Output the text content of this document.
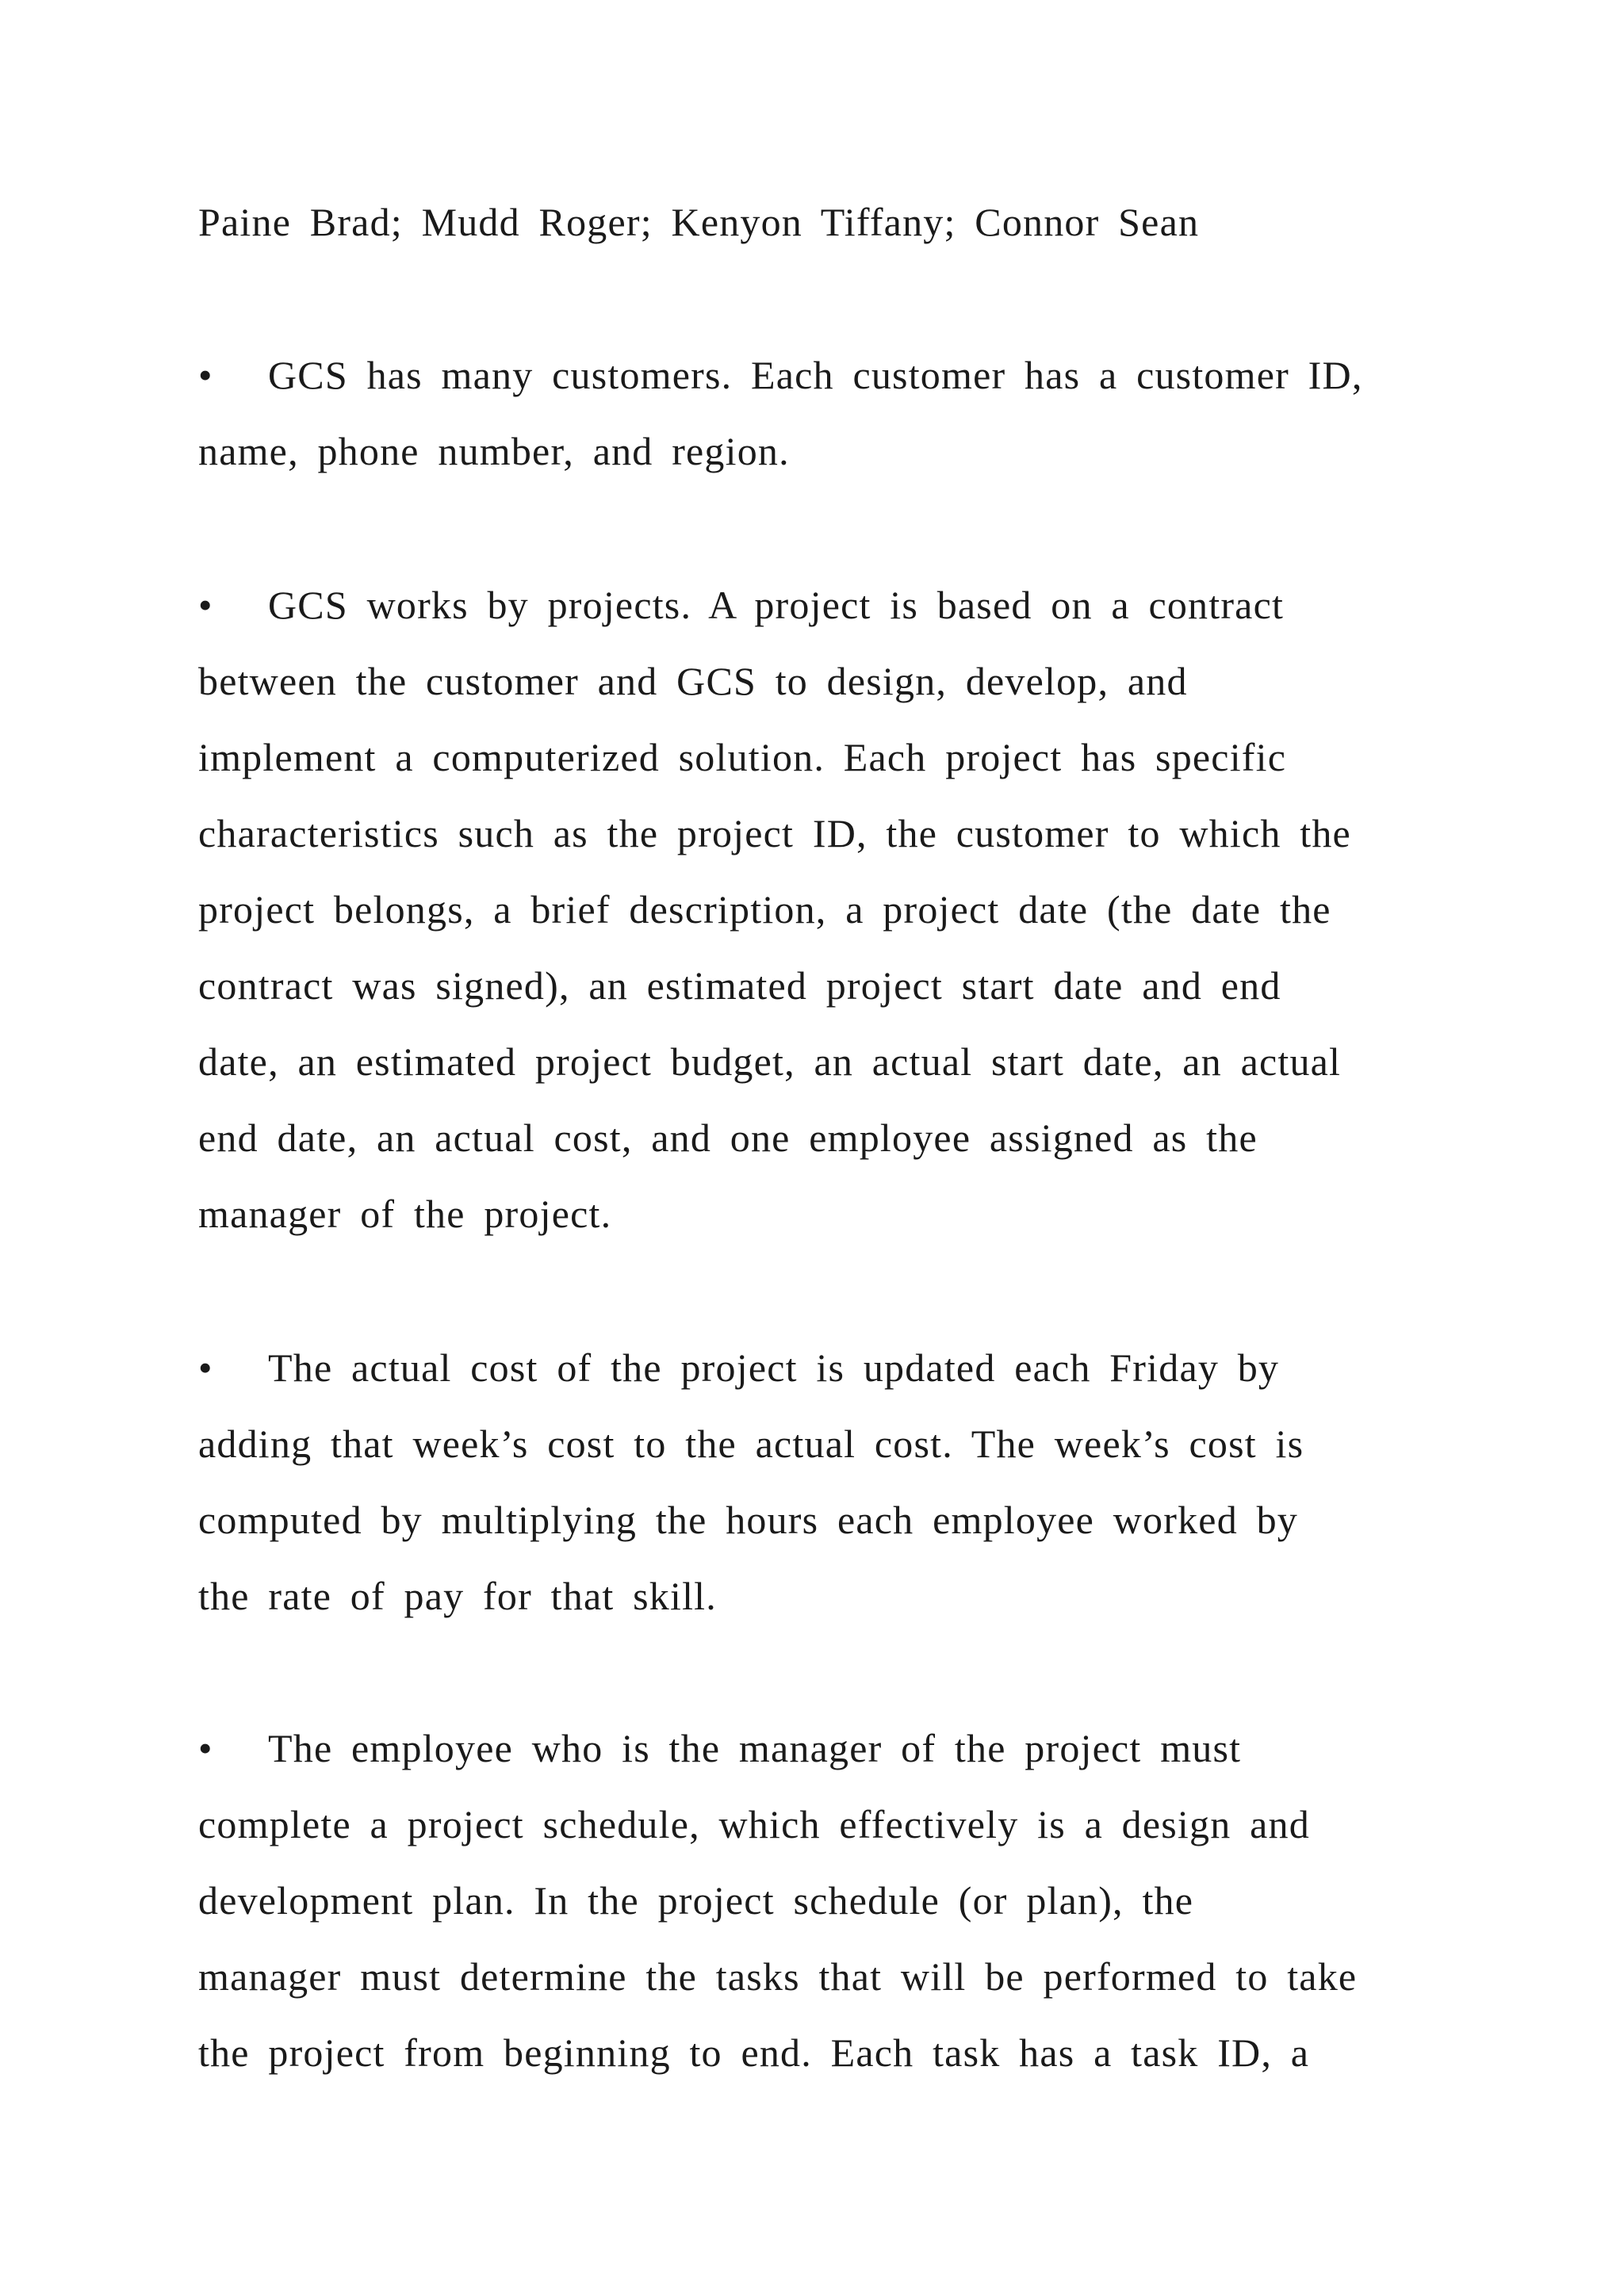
Paine Brad; Mudd Roger; Kenyon Tiffany; Connor Sean
• GCS has many customers. Each customer has a customer ID,
name, phone number, and region.
• GCS works by projects. A project is based on a contract
between the customer and GCS to design, develop, and
implement a computerized solution. Each project has specific
characteristics such as the project ID, the customer to which the
project belongs, a brief description, a project date (the date the
contract was signed), an estimated project start date and end
date, an estimated project budget, an actual start date, an actual
end date, an actual cost, and one employee assigned as the
manager of the project.
• The actual cost of the project is updated each Friday by
adding that week’s cost to the actual cost. The week’s cost is
computed by multiplying the hours each employee worked by
the rate of pay for that skill.
• The employee who is the manager of the project must
complete a project schedule, which effectively is a design and
development plan. In the project schedule (or plan), the
manager must determine the tasks that will be performed to take
the project from beginning to end. Each task has a task ID, a
